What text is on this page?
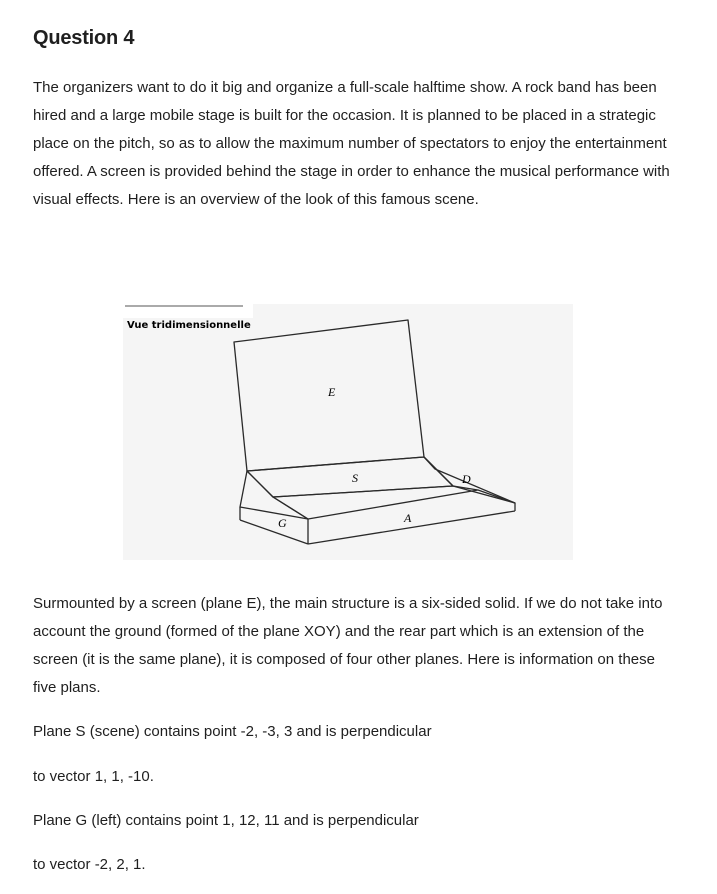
Question 4

The organizers want to do it big and organize a full-scale halftime show. A rock band has been hired and a large mobile stage is built for the occasion. It is planned to be placed in a strategic place on the pitch, so as to allow the maximum number of spectators to enjoy the entertainment offered. A screen is provided behind the stage in order to enhance the musical performance with visual effects. Here is an overview of the look of this famous scene.

Vue tridimensionnelle
E
S	D
G	A

Surmounted by a screen (plane E), the main structure is a six-sided solid. If we do not take into account the ground (formed of the plane XOY) and the rear part which is an extension of the screen (it is the same plane), it is composed of four other planes. Here is information on these five plans.

Plane S (scene) contains point -2, -3, 3 and is perpendicular

to vector 1, 1, -10.

Plane G (left) contains point 1, 12, 11 and is perpendicular

to vector -2, 2, 1.
